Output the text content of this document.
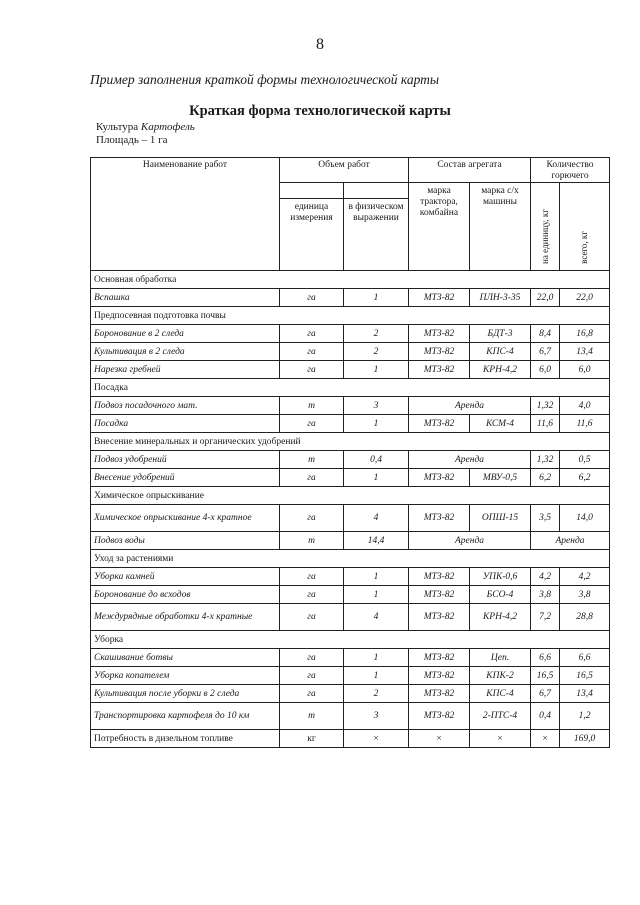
8
Пример заполнения краткой формы технологической карты
Краткая форма технологической карты
Культура Картофель
Площадь – 1 га
Наименование работ	Объем работ		Состав агрегата		Количество горючего	
			марка трактора, комбайна	марка с/х машины	на единицу, кг	всего, кг
	единица измерения	в физическом выражении				
Основная обработка						
Вспашка	га	1	МТЗ-82	ПЛН-3-35	22,0	22,0
Предпосевная подготовка почвы						
Боронование в 2 следа	га	2	МТЗ-82	БДТ-3	8,4	16,8
Культивация в 2 следа	га	2	МТЗ-82	КПС-4	6,7	13,4
Нарезка гребней	га	1	МТЗ-82	КРН-4,2	6,0	6,0
Посадка						
Подвоз посадочного мат.	т	3	Аренда		1,32	4,0
Посадка	га	1	МТЗ-82	КСМ-4	11,6	11,6
Внесение минеральных и органических удобрений						
Подвоз удобрений	т	0,4	Аренда		1,32	0,5
Внесение удобрений	га	1	МТЗ-82	МВУ-0,5	6,2	6,2
Химическое опрыскивание						
Химическое опрыскивание 4-х кратное	га	4	МТЗ-82	ОПШ-15	3,5	14,0
Подвоз воды	т	14,4	Аренда		Аренда	
Уход за растениями						
Уборка камней	га	1	МТЗ-82	УПК-0,6	4,2	4,2
Боронование до всходов	га	1	МТЗ-82	БСО-4	3,8	3,8
Междурядные обработки 4-х кратные	га	4	МТЗ-82	КРН-4,2	7,2	28,8
Уборка						
Скашивание ботвы	га	1	МТЗ-82	Цеп.	6,6	6,6
Уборка копателем	га	1	МТЗ-82	КПК-2	16,5	16,5
Культивация после уборки в 2 следа	га	2	МТЗ-82	КПС-4	6,7	13,4
Транспортировка картофеля до 10 км	т	3	МТЗ-82	2-ПТС-4	0,4	1,2
Потребность в дизельном топливе	кг	×	×	×	×	169,0
